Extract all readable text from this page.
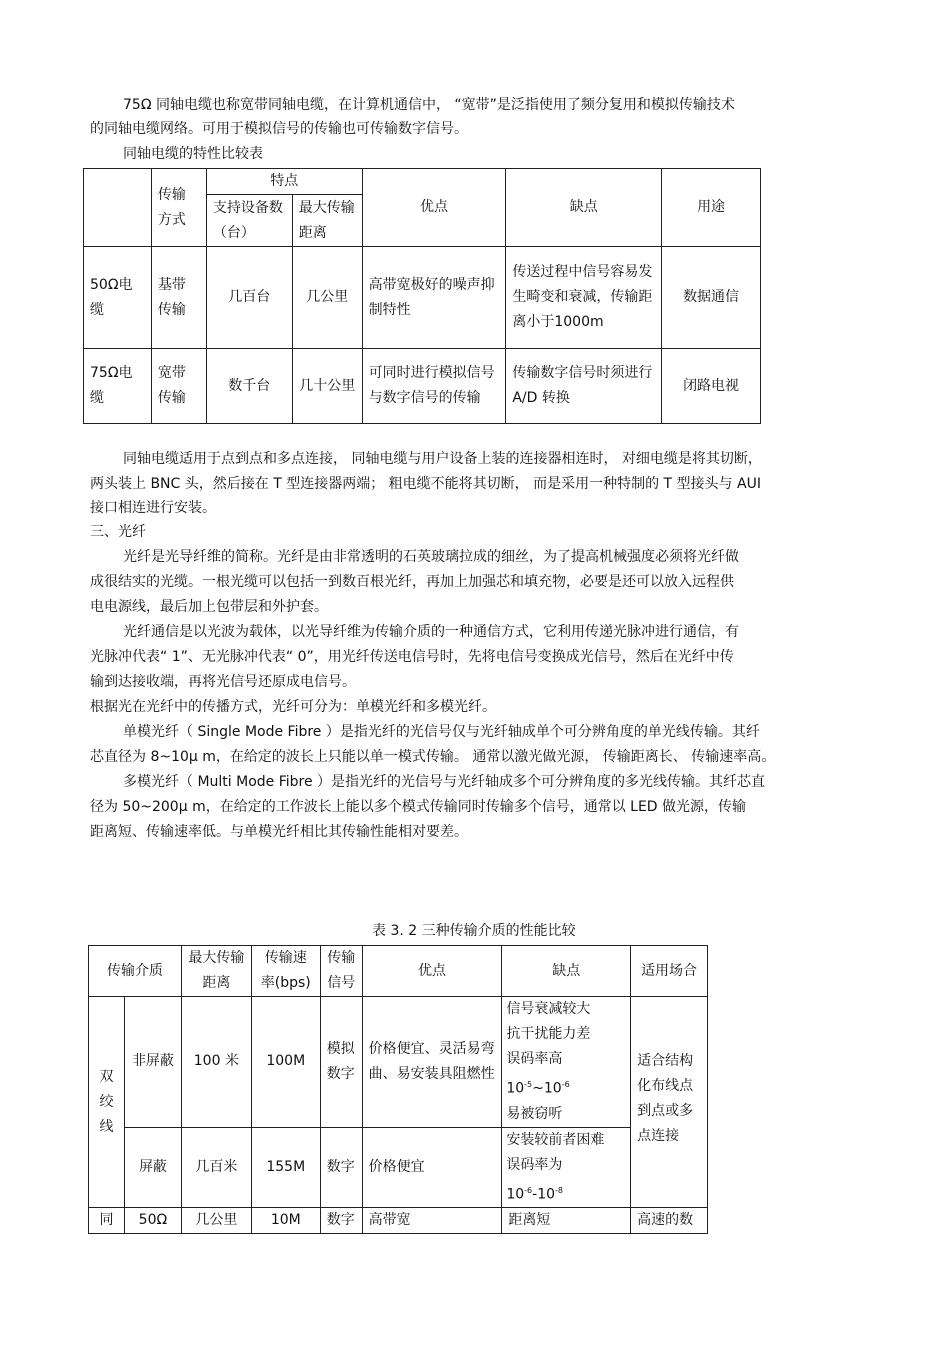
75Ω 同轴电缆也称宽带同轴电缆，在计算机通信中， “宽带”是泛指使用了频分复用和模拟传输技术
的同轴电缆网络。可用于模拟信号的传输也可传输数字信号。
同轴电缆的特性比较表
	传输方式	特点		优点	缺点	用途
		支持设备数（台）	最大传输距离			
50Ω电缆	基带传输	几百台	几公里	高带宽极好的噪声抑制特性	传送过程中信号容易发生畸变和衰减，传输距离小于1000m	数据通信
75Ω电缆	宽带传输	数千台	几十公里	可同时进行模拟信号与数字信号的传输	传输数字信号时须进行 A/D 转换	闭路电视
同轴电缆适用于点到点和多点连接， 同轴电缆与用户设备上装的连接器相连时， 对细电缆是将其切断，
两头装上 BNC 头，然后接在 T 型连接器两端； 粗电缆不能将其切断， 而是采用一种特制的 T 型接头与 AUI
接口相连进行安装。
三、光纤
光纤是光导纤维的简称。光纤是由非常透明的石英玻璃拉成的细丝，为了提高机械强度必须将光纤做
成很结实的光缆。一根光缆可以包括一到数百根光纤，再加上加强芯和填充物，必要是还可以放入远程供
电电源线，最后加上包带层和外护套。
光纤通信是以光波为载体，以光导纤维为传输介质的一种通信方式，它利用传递光脉冲进行通信，有
光脉冲代表“ 1”、无光脉冲代表“ 0”，用光纤传送电信号时，先将电信号变换成光信号，然后在光纤中传
输到达接收端，再将光信号还原成电信号。
根据光在光纤中的传播方式，光纤可分为：单模光纤和多模光纤。
单模光纤（ Single Mode Fibre ）是指光纤的光信号仅与光纤轴成单个可分辨角度的单光线传输。其纤
芯直径为 8~10μ m，在给定的波长上只能以单一模式传输。 通常以激光做光源， 传输距离长、 传输速率高。
多模光纤（ Multi Mode Fibre ）是指光纤的光信号与光纤轴成多个可分辨角度的多光线传输。其纤芯直
径为 50~200μ m，在给定的工作波长上能以多个模式传输同时传输多个信号，通常以 LED 做光源，传输
距离短、传输速率低。与单模光纤相比其传输性能相对要差。
表 3. 2 三种传输介质的性能比较
传输介质		最大传输距离	传输速率(bps)	传输信号	优点	缺点	适用场合
双绞线	非屏蔽	100 米	100M	模拟数字	价格便宜、灵活易弯曲、易安装具阻燃性	信号衰减较大
抗干扰能力差
误码率高
$10^{-5}\sim 10^{-6}$
易被窃听	适合结构化布线点到点或多点连接
	屏蔽	几百米	155M	数字	价格便宜	安装较前者困难
误码率为
$10^{-6}-10^{-8}$

同	50Ω	几公里	10M	数字	高带宽	距离短	高速的数
